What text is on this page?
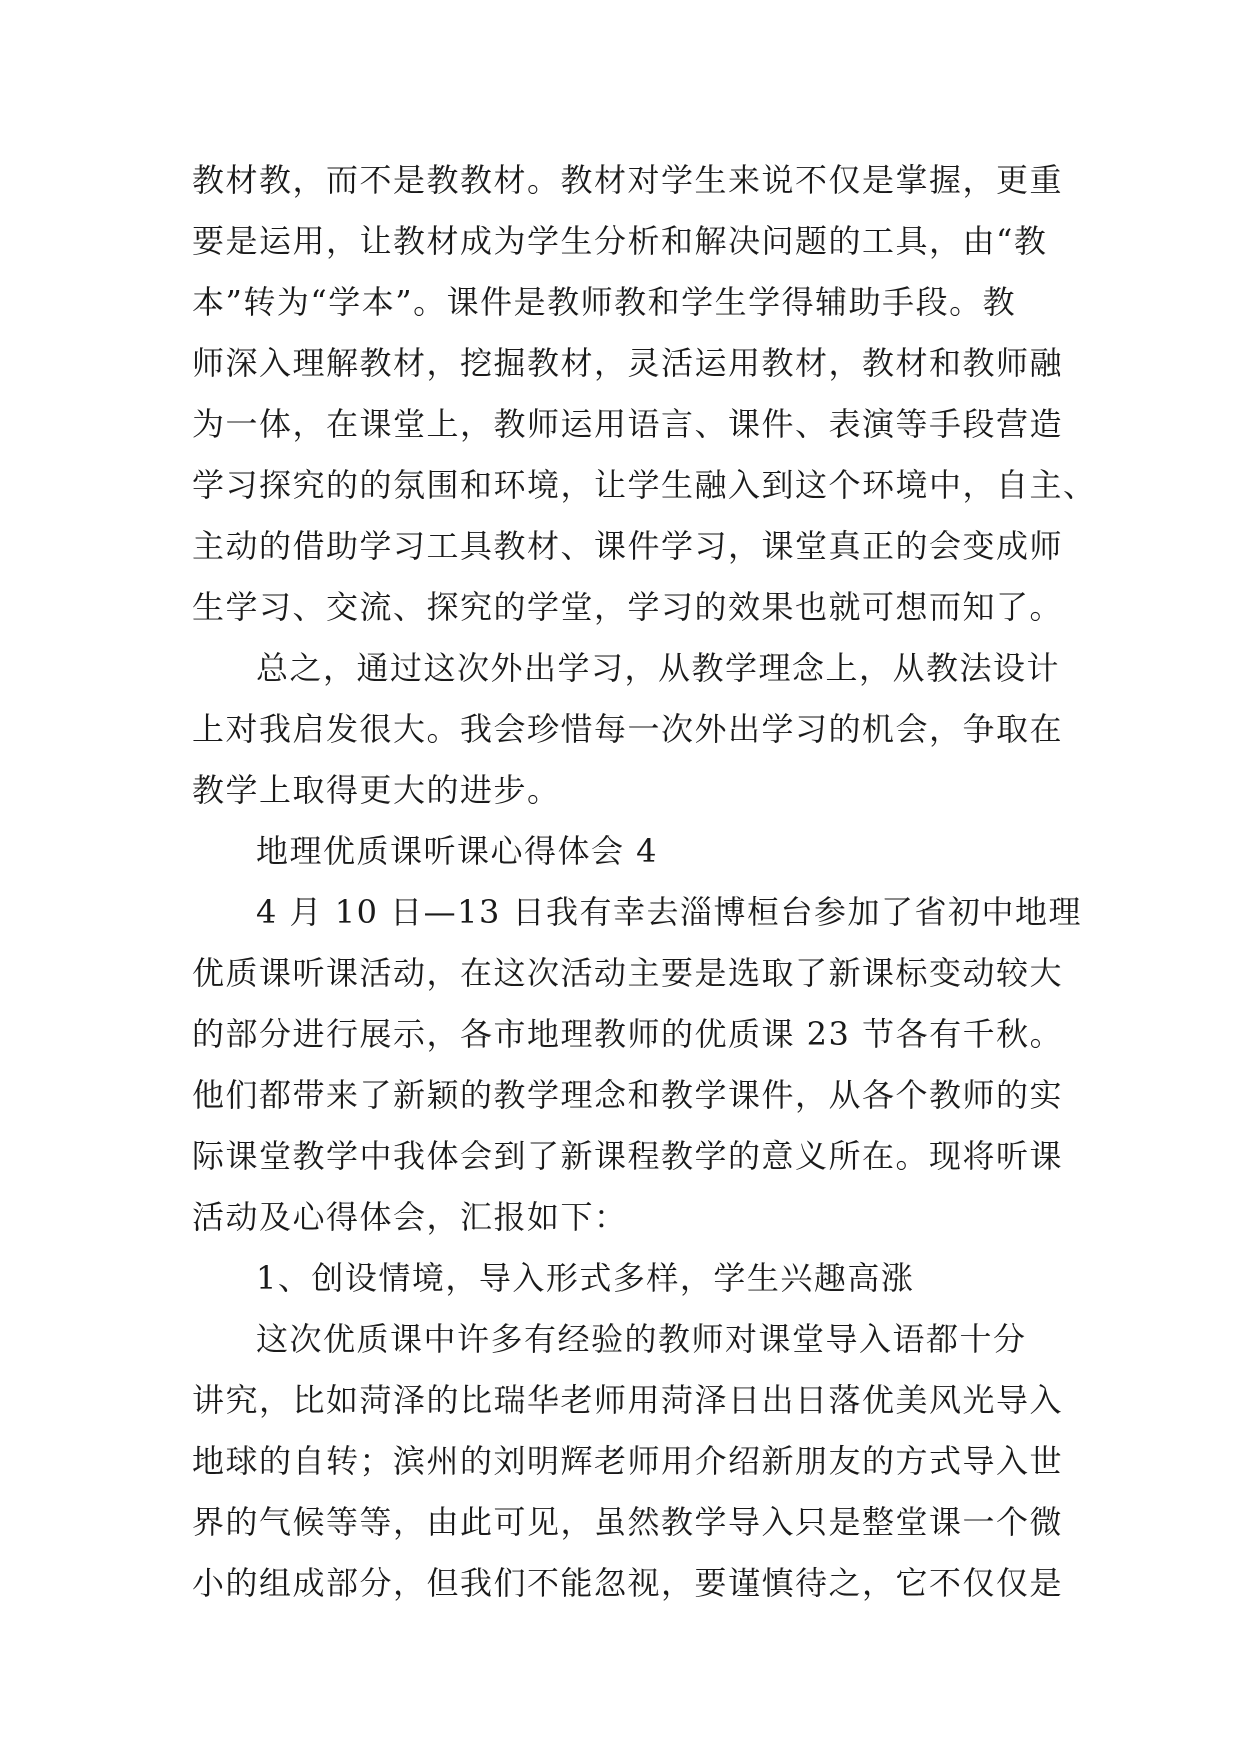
教材教，而不是教教材。教材对学生来说不仅是掌握，更重
要是运用，让教材成为学生分析和解决问题的工具，由“教
本”转为“学本”。课件是教师教和学生学得辅助手段。教
师深入理解教材，挖掘教材，灵活运用教材，教材和教师融
为一体，在课堂上，教师运用语言、课件、表演等手段营造
学习探究的的氛围和环境，让学生融入到这个环境中，自主、
主动的借助学习工具教材、课件学习，课堂真正的会变成师
生学习、交流、探究的学堂，学习的效果也就可想而知了。
总之，通过这次外出学习，从教学理念上，从教法设计
上对我启发很大。我会珍惜每一次外出学习的机会，争取在
教学上取得更大的进步。
地理优质课听课心得体会 4
4 月 10 日—13 日我有幸去淄博桓台参加了省初中地理
优质课听课活动，在这次活动主要是选取了新课标变动较大
的部分进行展示，各市地理教师的优质课 23 节各有千秋。
他们都带来了新颖的教学理念和教学课件，从各个教师的实
际课堂教学中我体会到了新课程教学的意义所在。现将听课
活动及心得体会，汇报如下：
1、创设情境，导入形式多样，学生兴趣高涨
这次优质课中许多有经验的教师对课堂导入语都十分
讲究，比如菏泽的比瑞华老师用菏泽日出日落优美风光导入
地球的自转；滨州的刘明辉老师用介绍新朋友的方式导入世
界的气候等等，由此可见，虽然教学导入只是整堂课一个微
小的组成部分，但我们不能忽视，要谨慎待之，它不仅仅是
